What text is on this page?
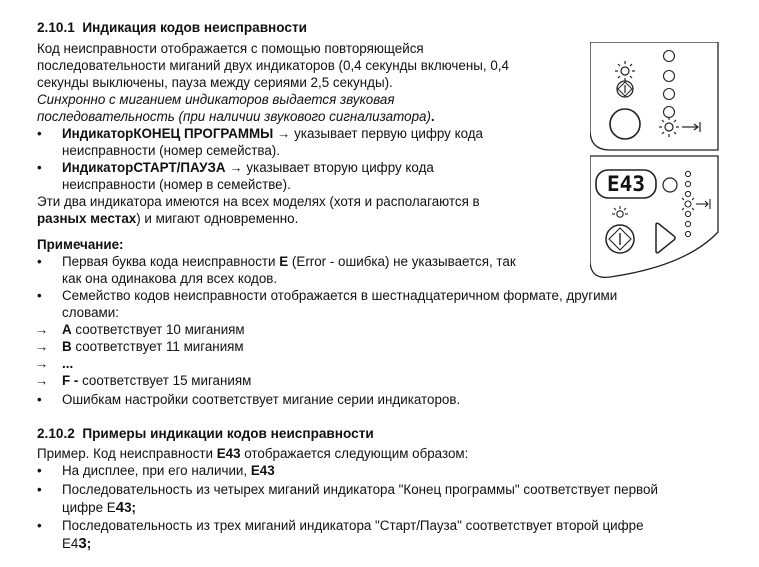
2.10.1 Индикация кодов неисправности
Код неисправности отображается с помощью повторяющейся
последовательности миганий двух индикаторов (0,4 секунды включены, 0,4
секунды выключены, пауза между сериями 2,5 секунды).
Синхронно с миганием индикаторов выдается звуковая
последовательность (при наличии звукового сигнализатора).
• ИндикаторКОНЕЦ ПРОГРАММЫ → указывает первую цифру кода
неисправности (номер семейства).
• ИндикаторСТАРТ/ПАУЗА → указывает вторую цифру кода
неисправности (номер в семействе).
Эти два индикатора имеются на всех моделях (хотя и располагаются в
разных местах) и мигают одновременно.
Примечание:
• Первая буква кода неисправности E (Error - ошибка) не указывается, так
как она одинакова для всех кодов.
• Семейство кодов неисправности отображается в шестнадцатеричном формате, другими
словами:
→ A соответствует 10 миганиям
→ B соответствует 11 миганиям
→ ...
→ F - соответствует 15 миганиям
• Ошибкам настройки соответствует мигание серии индикаторов.
2.10.2 Примеры индикации кодов неисправности
Пример. Код неисправности E43 отображается следующим образом:
• На дисплее, при его наличии, E43
• Последовательность из четырех миганий индикатора "Конец программы" соответствует первой
цифре E43;
• Последовательность из трех миганий индикатора "Старт/Пауза" соответствует второй цифре
E43;
E43
